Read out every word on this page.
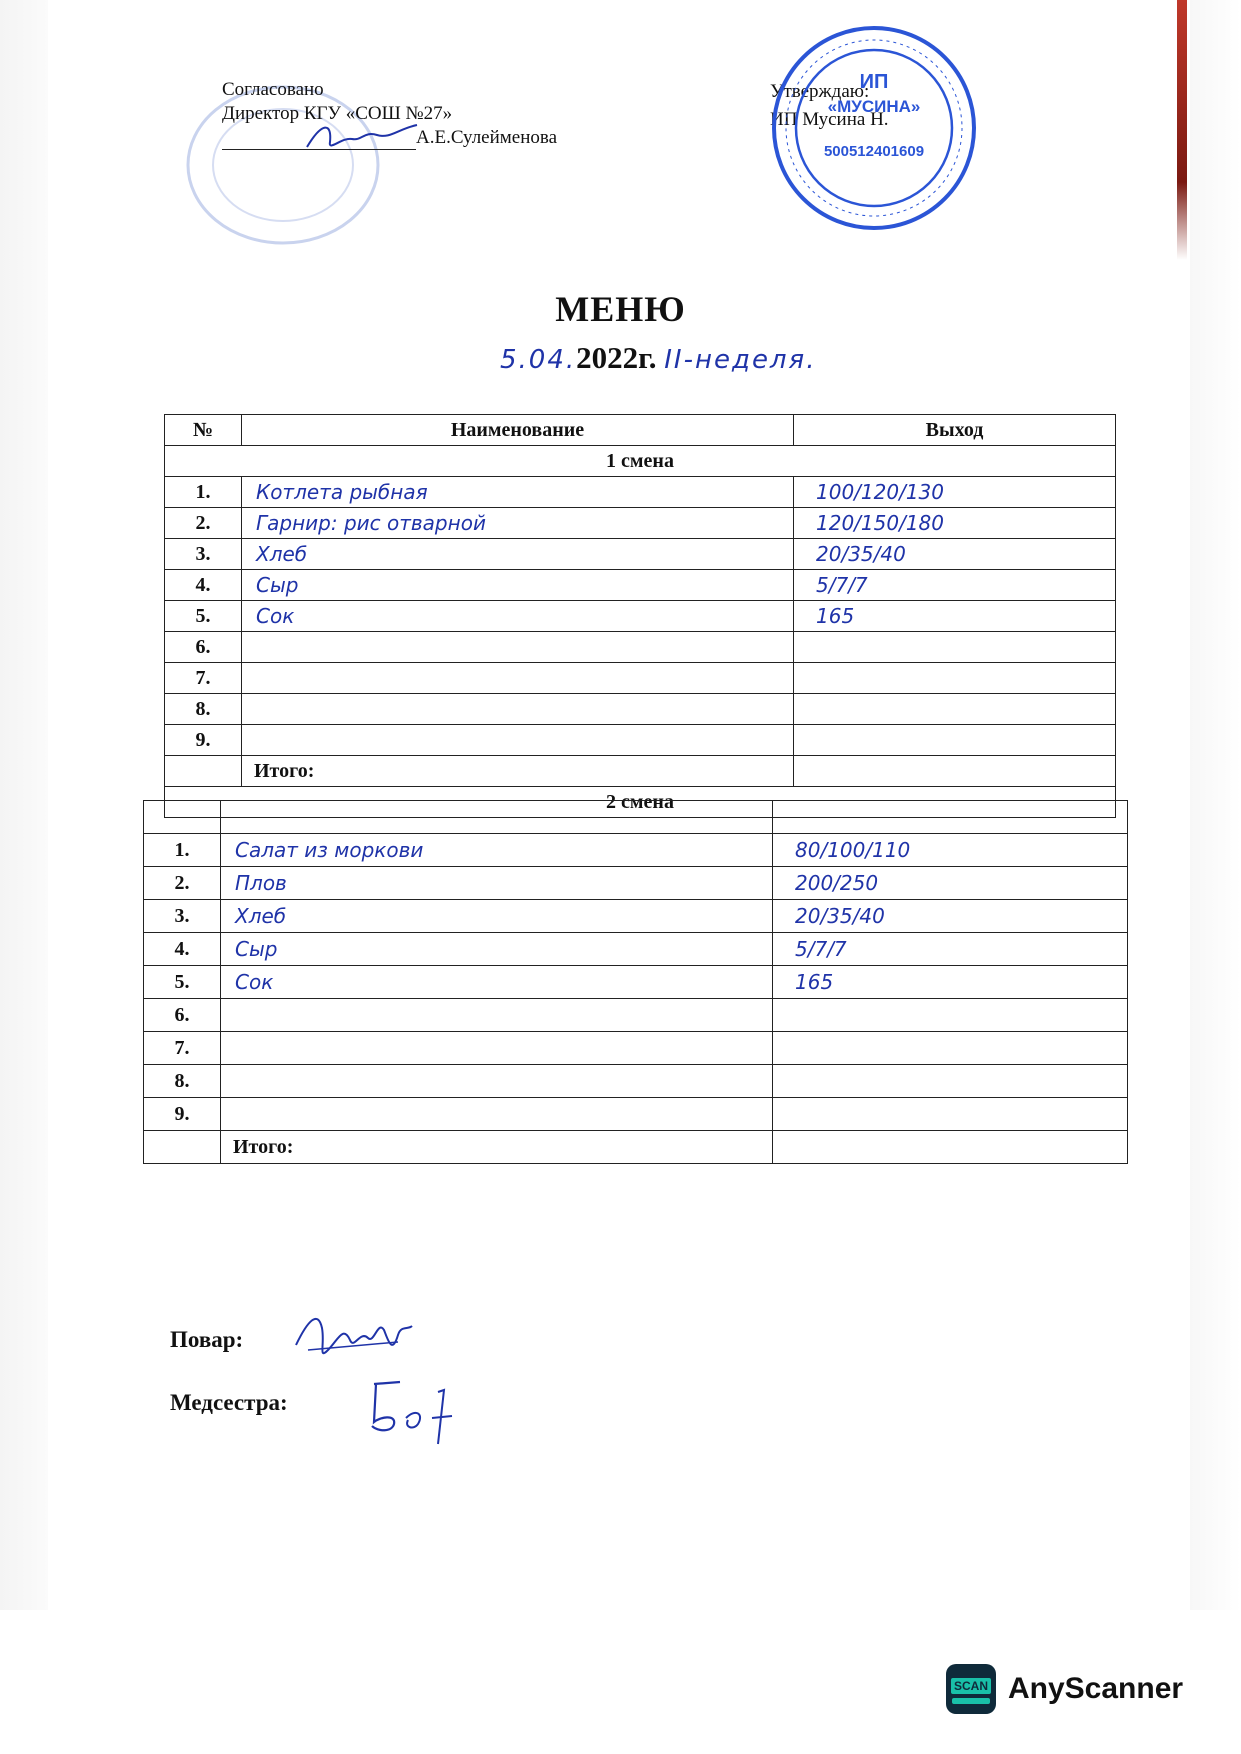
Согласовано
Директор КГУ «СОШ №27»
А.Е.Сулейменова
Утверждаю:
ИП Мусина Н.
ИП
«МУСИНА»
500512401609
МЕНЮ
5.04.2022г. II-неделя.
№	Наименование	Выход
1 смена		
1.	Котлета рыбная	100/120/130
2.	Гарнир: рис отварной	120/150/180
3.	Хлеб	20/35/40
4.	Сыр	5/7/7
5.	Сок	165
6.		
7.		
8.		
9.		
	Итого:	
2 смена		

1.	Салат из моркови	80/100/110
2.	Плов	200/250
3.	Хлеб	20/35/40
4.	Сыр	5/7/7
5.	Сок	165
6.		
7.		
8.		
9.		
	Итого:	
Повар:
Медсестра:
SCAN AnyScanner
